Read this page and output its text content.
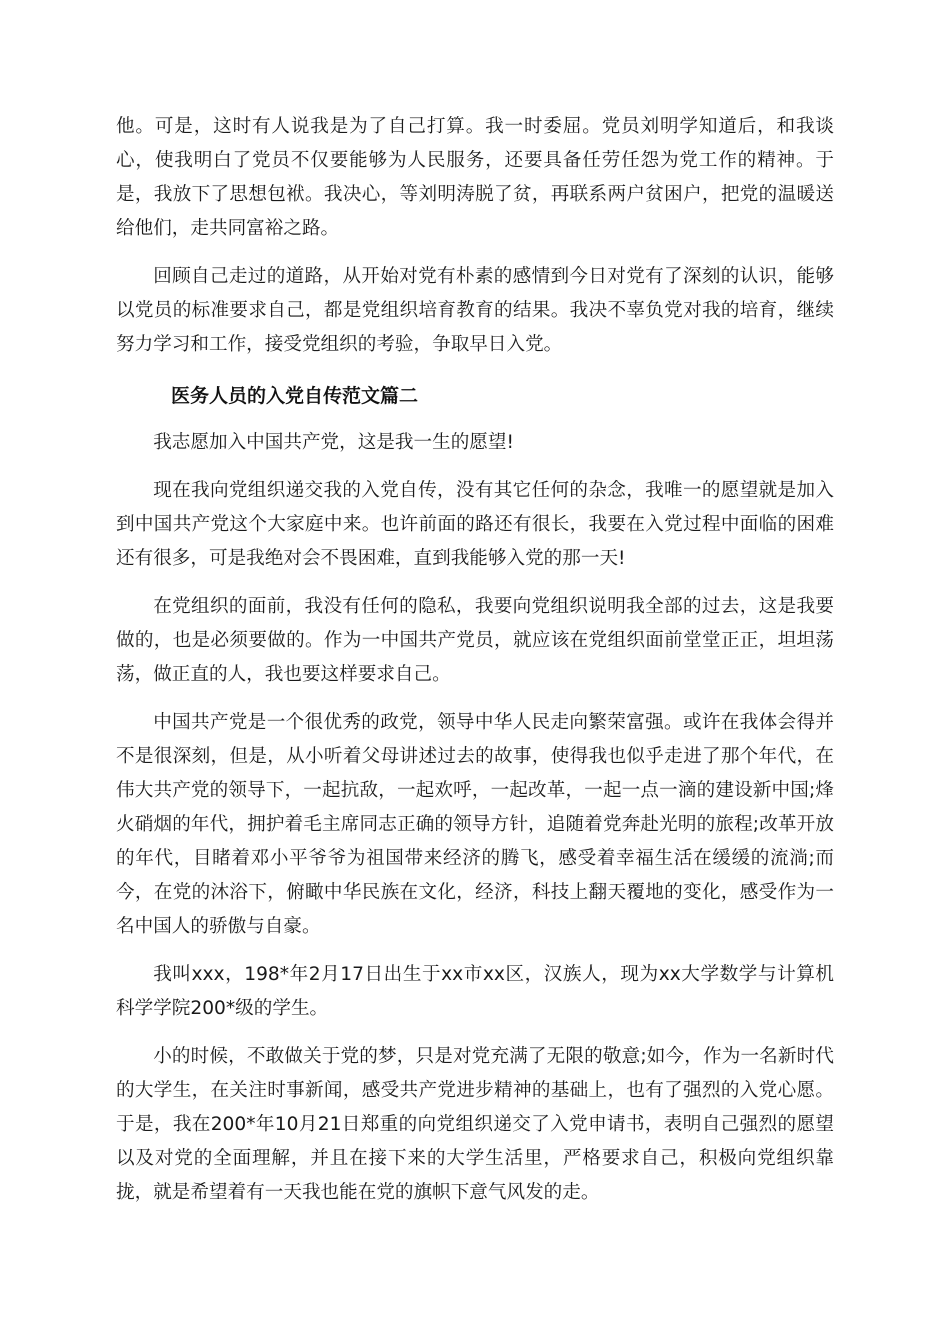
他。可是，这时有人说我是为了自己打算。我一时委屈。党员刘明学知道后，和我谈心，使我明白了党员不仅要能够为人民服务，还要具备任劳任怨为党工作的精神。于是，我放下了思想包袱。我决心，等刘明涛脱了贫，再联系两户贫困户，把党的温暖送给他们，走共同富裕之路。

回顾自己走过的道路，从开始对党有朴素的感情到今日对党有了深刻的认识，能够以党员的标准要求自己，都是党组织培育教育的结果。我决不辜负党对我的培育，继续努力学习和工作，接受党组织的考验，争取早日入党。

医务人员的入党自传范文篇二

我志愿加入中国共产党，这是我一生的愿望!

现在我向党组织递交我的入党自传，没有其它任何的杂念，我唯一的愿望就是加入到中国共产党这个大家庭中来。也许前面的路还有很长，我要在入党过程中面临的困难还有很多，可是我绝对会不畏困难，直到我能够入党的那一天!

在党组织的面前，我没有任何的隐私，我要向党组织说明我全部的过去，这是我要做的，也是必须要做的。作为一中国共产党员，就应该在党组织面前堂堂正正，坦坦荡荡，做正直的人，我也要这样要求自己。

中国共产党是一个很优秀的政党，领导中华人民走向繁荣富强。或许在我体会得并不是很深刻，但是，从小听着父母讲述过去的故事，使得我也似乎走进了那个年代，在伟大共产党的领导下，一起抗敌，一起欢呼，一起改革，一起一点一滴的建设新中国;烽火硝烟的年代，拥护着毛主席同志正确的领导方针，追随着党奔赴光明的旅程;改革开放的年代，目睹着邓小平爷爷为祖国带来经济的腾飞，感受着幸福生活在缓缓的流淌;而今，在党的沐浴下，俯瞰中华民族在文化，经济，科技上翻天覆地的变化，感受作为一名中国人的骄傲与自豪。

我叫xxx，198*年2月17日出生于xx市xx区，汉族人，现为xx大学数学与计算机科学学院200*级的学生。

小的时候，不敢做关于党的梦，只是对党充满了无限的敬意;如今，作为一名新时代的大学生，在关注时事新闻，感受共产党进步精神的基础上，也有了强烈的入党心愿。于是，我在200*年10月21日郑重的向党组织递交了入党申请书，表明自己强烈的愿望以及对党的全面理解，并且在接下来的大学生活里，严格要求自己，积极向党组织靠拢，就是希望着有一天我也能在党的旗帜下意气风发的走。
